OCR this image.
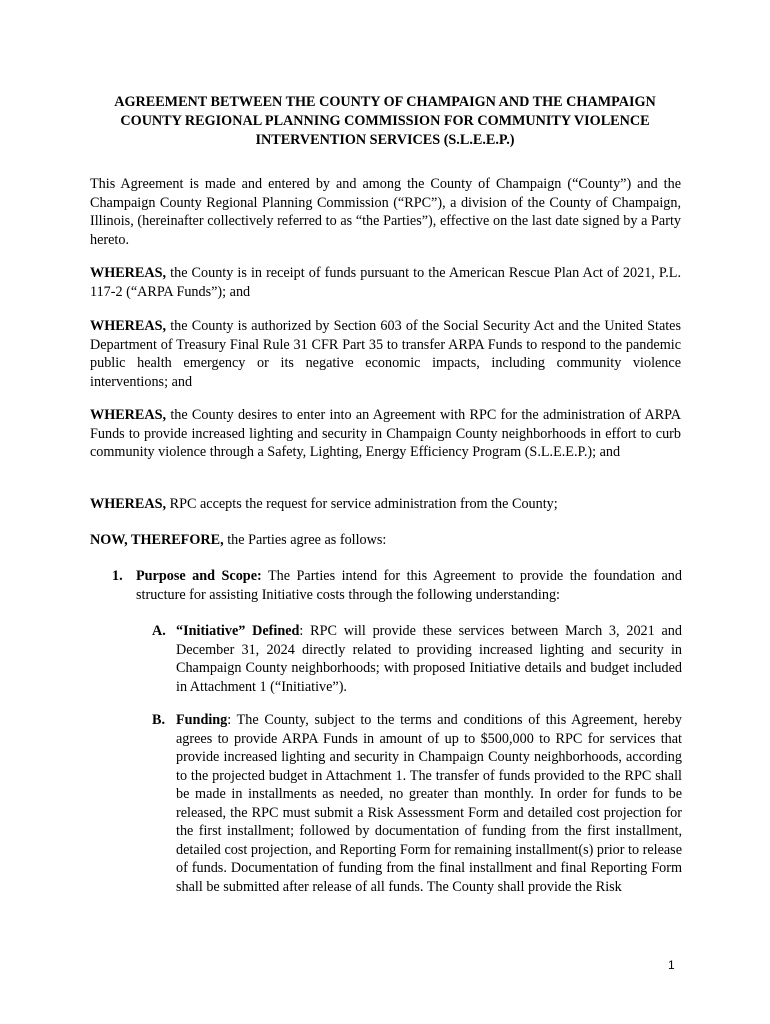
AGREEMENT BETWEEN THE COUNTY OF CHAMPAIGN AND THE CHAMPAIGN COUNTY REGIONAL PLANNING COMMISSION FOR COMMUNITY VIOLENCE INTERVENTION SERVICES (S.L.E.E.P.)

This Agreement is made and entered by and among the County of Champaign (“County”) and the Champaign County Regional Planning Commission (“RPC”), a division of the County of Champaign, Illinois, (hereinafter collectively referred to as “the Parties”), effective on the last date signed by a Party hereto.

WHEREAS, the County is in receipt of funds pursuant to the American Rescue Plan Act of 2021, P.L. 117-2 (“ARPA Funds”); and

WHEREAS, the County is authorized by Section 603 of the Social Security Act and the United States Department of Treasury Final Rule 31 CFR Part 35 to transfer ARPA Funds to respond to the pandemic public health emergency or its negative economic impacts, including community violence interventions; and

WHEREAS, the County desires to enter into an Agreement with RPC for the administration of ARPA Funds to provide increased lighting and security in Champaign County neighborhoods in effort to curb community violence through a Safety, Lighting, Energy Efficiency Program (S.L.E.E.P.); and

WHEREAS, RPC accepts the request for service administration from the County;

NOW, THEREFORE, the Parties agree as follows:

1. Purpose and Scope: The Parties intend for this Agreement to provide the foundation and structure for assisting Initiative costs through the following understanding:
A. “Initiative” Defined: RPC will provide these services between March 3, 2021 and December 31, 2024 directly related to providing increased lighting and security in Champaign County neighborhoods; with proposed Initiative details and budget included in Attachment 1 (“Initiative”).
B. Funding: The County, subject to the terms and conditions of this Agreement, hereby agrees to provide ARPA Funds in amount of up to $500,000 to RPC for services that provide increased lighting and security in Champaign County neighborhoods, according to the projected budget in Attachment 1. The transfer of funds provided to the RPC shall be made in installments as needed, no greater than monthly. In order for funds to be released, the RPC must submit a Risk Assessment Form and detailed cost projection for the first installment; followed by documentation of funding from the first installment, detailed cost projection, and Reporting Form for remaining installment(s) prior to release of funds. Documentation of funding from the final installment and final Reporting Form shall be submitted after release of all funds. The County shall provide the Risk
1
